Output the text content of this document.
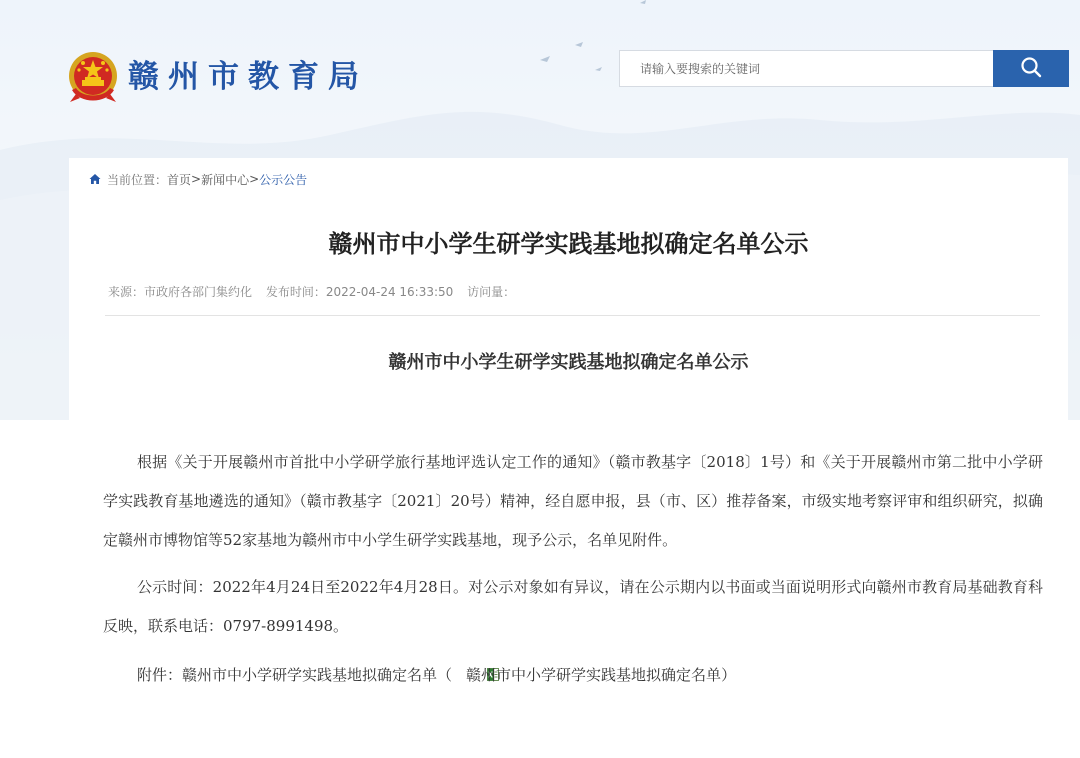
赣州市教育局
请输入要搜索的关键词
当前位置： 首页 > 新闻中心 > 公示公告
赣州市中小学生研学实践基地拟确定名单公示
来源：市政府各部门集约化 发布时间：2022-04-24 16:33:50 访问量：
赣州市中小学生研学实践基地拟确定名单公示

根据《关于开展赣州市首批中小学研学旅行基地评选认定工作的通知》（赣市教基字〔2018〕1号）和《关于开展赣州市第二批中小学研学实践教育基地遴选的通知》（赣市教基字〔2021〕20号）精神，经自愿申报，县（市、区）推荐备案，市级实地考察评审和组织研究，拟确定赣州市博物馆等52家基地为赣州市中小学生研学实践基地，现予公示，名单见附件。

公示时间：2022年4月24日至2022年4月28日。对公示对象如有异议，请在公示期内以书面或当面说明形式向赣州市教育局基础教育科反映，联系电话：0797-8991498。

附件：赣州市中小学研学实践基地拟确定名单（ 赣州市中小学研学实践基地拟确定名单）
